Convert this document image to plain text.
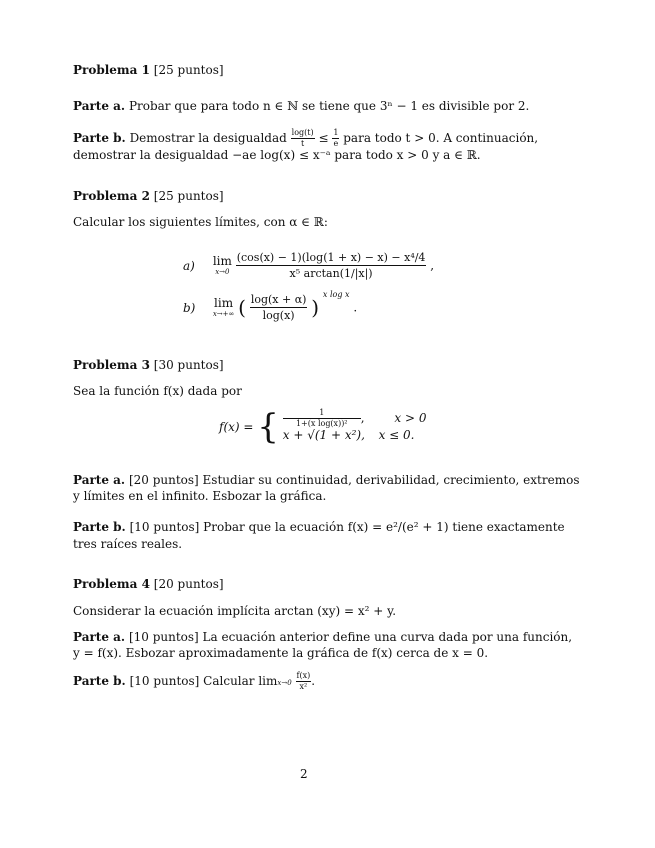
Problema 1 [25 puntos]
Parte a. Probar que para todo n ∈ ℕ se tiene que 3ⁿ − 1 es divisible por 2.
Parte b. Demostrar la desigualdad $\frac{\log(t)}{t} \le \frac{1}{e}$ para todo t > 0. A continuación,
demostrar la desigualdad −ae log(x) ≤ x⁻ᵃ para todo x > 0 y a ∈ ℝ.
Problema 2 [25 puntos]
Calcular los siguientes límites, con α ∈ ℝ:
a) lim
x→0
$\frac{\text{(cos(x) − 1)(log(1 + x) − x) − x⁴/4}}{\text{x⁵ arctan(1/|x|)}}$ ,
b) lim
x→+∞ ( $\frac{\log(x + \alpha)}{\log(x)}$ ) $^{x log x}$ .
Problema 3 [30 puntos]
Sea la función f(x) dada por
f(x) = { $\frac{1}{\text{1+(x log(x))²}}$ , x > 0
x + √(1 + x²), x ≤ 0.
Parte a. [20 puntos] Estudiar su continuidad, derivabilidad, crecimiento, extremos
y límites en el infinito. Esbozar la gráfica.
Parte b. [10 puntos] Probar que la ecuación f(x) = e²/(e² + 1) tiene exactamente
tres raíces reales.
Problema 4 [20 puntos]
Considerar la ecuación implícita arctan (xy) = x² + y.
Parte a. [10 puntos] La ecuación anterior define una curva dada por una función,
y = f(x). Esbozar aproximadamente la gráfica de f(x) cerca de x = 0.
Parte b. [10 puntos] Calcular $\lim x\to 0 \frac{f(x)}{\text{x²}}$ .
2
